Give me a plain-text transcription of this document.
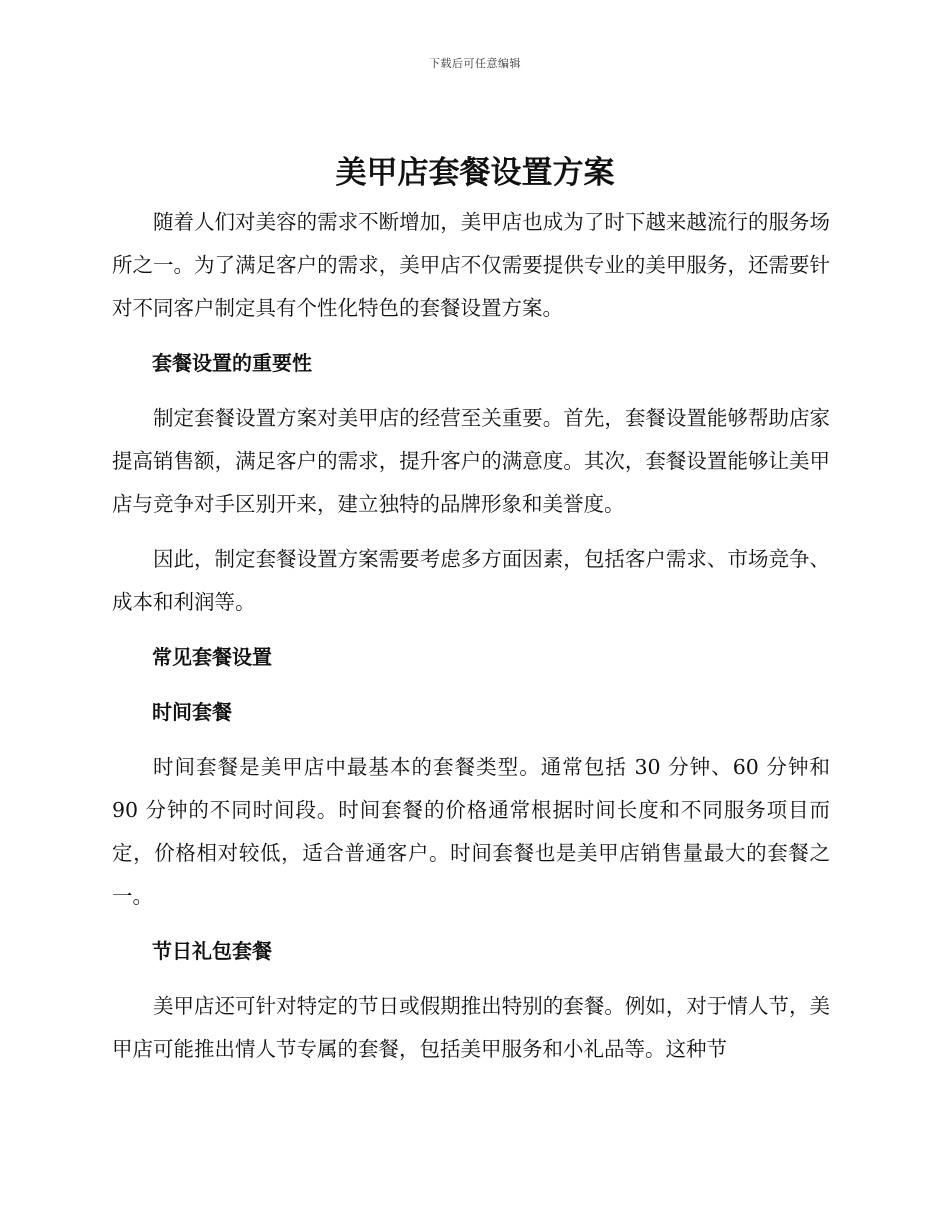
下载后可任意编辑
美甲店套餐设置方案

随着人们对美容的需求不断增加，美甲店也成为了时下越来越流行的服务场所之一。为了满足客户的需求，美甲店不仅需要提供专业的美甲服务，还需要针对不同客户制定具有个性化特色的套餐设置方案。

套餐设置的重要性

制定套餐设置方案对美甲店的经营至关重要。首先，套餐设置能够帮助店家提高销售额，满足客户的需求，提升客户的满意度。其次，套餐设置能够让美甲店与竞争对手区别开来，建立独特的品牌形象和美誉度。

因此，制定套餐设置方案需要考虑多方面因素，包括客户需求、市场竞争、成本和利润等。

常见套餐设置

时间套餐

时间套餐是美甲店中最基本的套餐类型。通常包括 30 分钟、60 分钟和 90 分钟的不同时间段。时间套餐的价格通常根据时间长度和不同服务项目而定，价格相对较低，适合普通客户。时间套餐也是美甲店销售量最大的套餐之一。

节日礼包套餐

美甲店还可针对特定的节日或假期推出特别的套餐。例如，对于情人节，美甲店可能推出情人节专属的套餐，包括美甲服务和小礼品等。这种节
